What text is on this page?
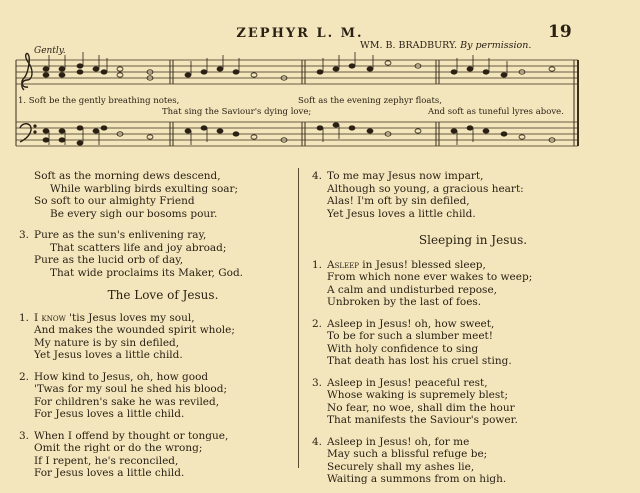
ZEPHYR L. M.	19
WM. B. BRADBURY. By permission.
Gently.
1. Soft be the gently breathing notes,	Soft as the evening zephyr floats,
That sing the Saviour's dying love;	And soft as tuneful lyres above.
Soft as the morning dews descend,
While warbling birds exulting soar;
So soft to our almighty Friend
Be every sigh our bosoms pour.
3. Pure as the sun's enlivening ray,
That scatters life and joy abroad;
Pure as the lucid orb of day,
That wide proclaims its Maker, God.
The Love of Jesus.
1. I know 'tis Jesus loves my soul,
And makes the wounded spirit whole;
My nature is by sin defiled,
Yet Jesus loves a little child.
2. How kind to Jesus, oh, how good
'Twas for my soul he shed his blood;
For children's sake he was reviled,
For Jesus loves a little child.
3. When I offend by thought or tongue,
Omit the right or do the wrong;
If I repent, he's reconciled,
For Jesus loves a little child.
4. To me may Jesus now impart,
Although so young, a gracious heart:
Alas! I'm oft by sin defiled,
Yet Jesus loves a little child.
Sleeping in Jesus.
1. Asleep in Jesus! blessed sleep,
From which none ever wakes to weep;
A calm and undisturbed repose,
Unbroken by the last of foes.
2. Asleep in Jesus! oh, how sweet,
To be for such a slumber meet!
With holy confidence to sing
That death has lost his cruel sting.
3. Asleep in Jesus! peaceful rest,
Whose waking is supremely blest;
No fear, no woe, shall dim the hour
That manifests the Saviour's power.
4. Asleep in Jesus! oh, for me
May such a blissful refuge be;
Securely shall my ashes lie,
Waiting a summons from on high.
